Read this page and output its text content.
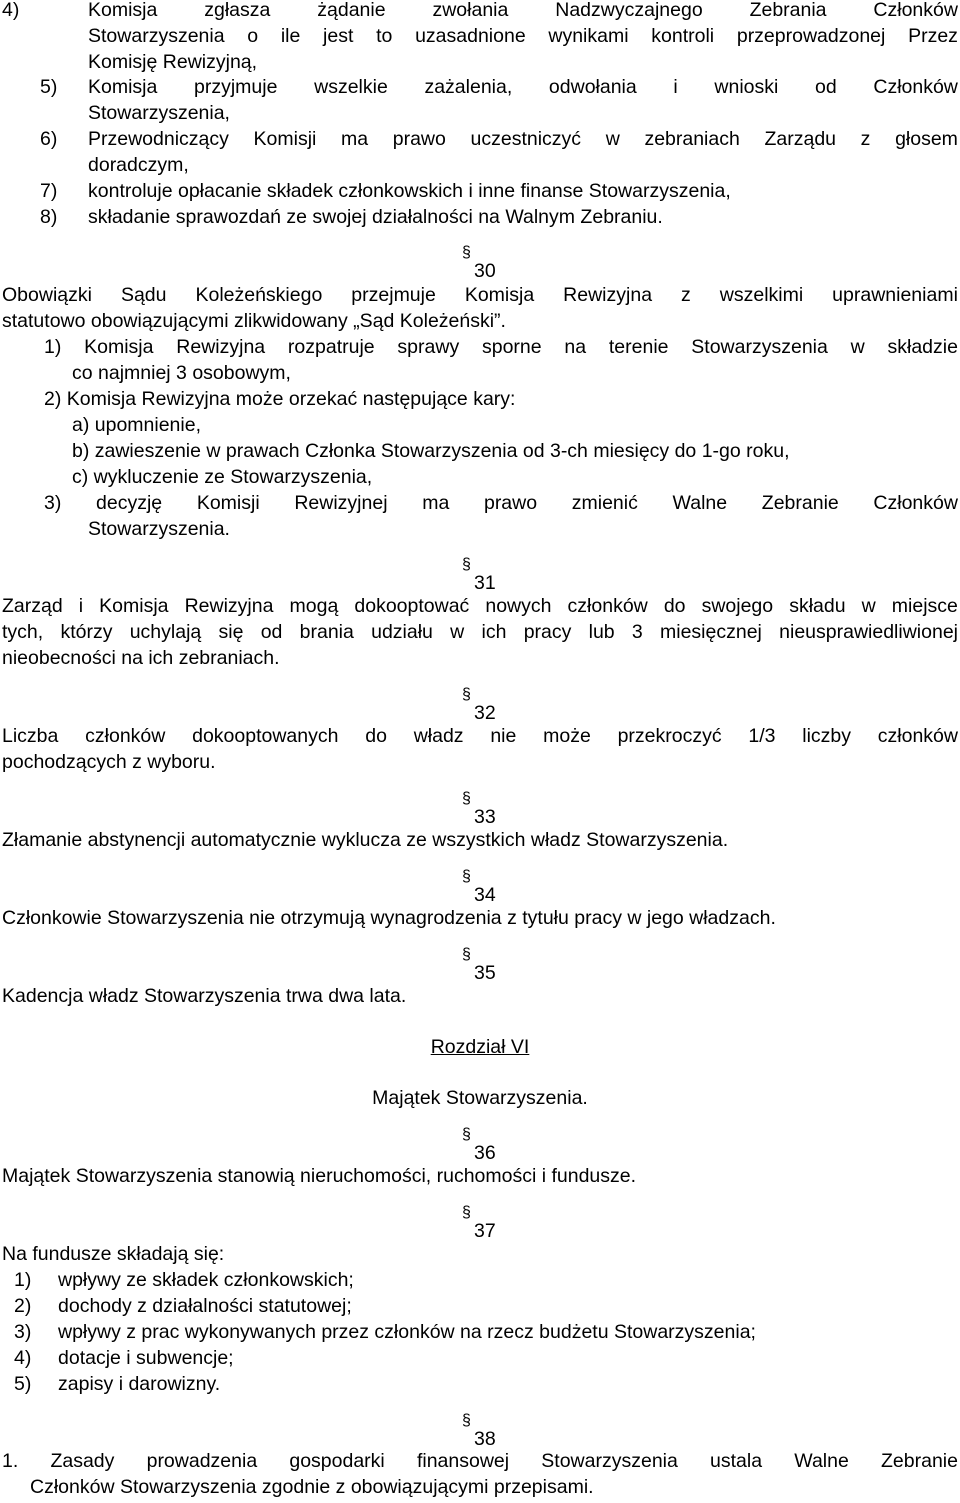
4)	Komisja zgłasza żądanie zwołania Nadzwyczajnego Zebrania Członków
Stowarzyszenia o ile jest to uzasadnione wynikami kontroli przeprowadzonej Przez
Komisję Rewizyjną,
5) Komisja przyjmuje wszelkie zażalenia, odwołania i wnioski od Członków
Stowarzyszenia,
6) Przewodniczący Komisji ma prawo uczestniczyć w zebraniach Zarządu z głosem
doradczym,
7) kontroluje opłacanie składek członkowskich i inne finanse Stowarzyszenia,
8) składanie sprawozdań ze swojej działalności na Walnym Zebraniu.
§
30
Obowiązki Sądu Koleżeńskiego przejmuje Komisja Rewizyjna z wszelkimi uprawnieniami
statutowo obowiązującymi zlikwidowany „Sąd Koleżeński”.
1) Komisja Rewizyjna rozpatruje sprawy sporne na terenie Stowarzyszenia w składzie
co najmniej 3 osobowym,
2) Komisja Rewizyjna może orzekać następujące kary:
a) upomnienie,
b) zawieszenie w prawach Członka Stowarzyszenia od 3-ch miesięcy do 1-go roku,
c) wykluczenie ze Stowarzyszenia,
3) decyzję Komisji Rewizyjnej ma prawo zmienić Walne Zebranie Członków
Stowarzyszenia.
§
31
Zarząd i Komisja Rewizyjna mogą dokooptować nowych członków do swojego składu w miejsce
tych, którzy uchylają się od brania udziału w ich pracy lub 3 miesięcznej nieusprawiedliwionej
nieobecności na ich zebraniach.
§
32
Liczba członków dokooptowanych do władz nie może przekroczyć 1/3 liczby członków
pochodzących z wyboru.
§
33
Złamanie abstynencji automatycznie wyklucza ze wszystkich władz Stowarzyszenia.
§
34
Członkowie Stowarzyszenia nie otrzymują wynagrodzenia z tytułu pracy w jego władzach.
§
35
Kadencja władz Stowarzyszenia trwa dwa lata.
Rozdział VI
Majątek Stowarzyszenia.
§
36
Majątek Stowarzyszenia stanowią nieruchomości, ruchomości i fundusze.
§
37
Na fundusze składają się:
1) wpływy ze składek członkowskich;
2) dochody z działalności statutowej;
3) wpływy z prac wykonywanych przez członków na rzecz budżetu Stowarzyszenia;
4) dotacje i subwencje;
5) zapisy i darowizny.
§
38
1. Zasady prowadzenia gospodarki finansowej Stowarzyszenia ustala Walne Zebranie
Członków Stowarzyszenia zgodnie z obowiązującymi przepisami.
